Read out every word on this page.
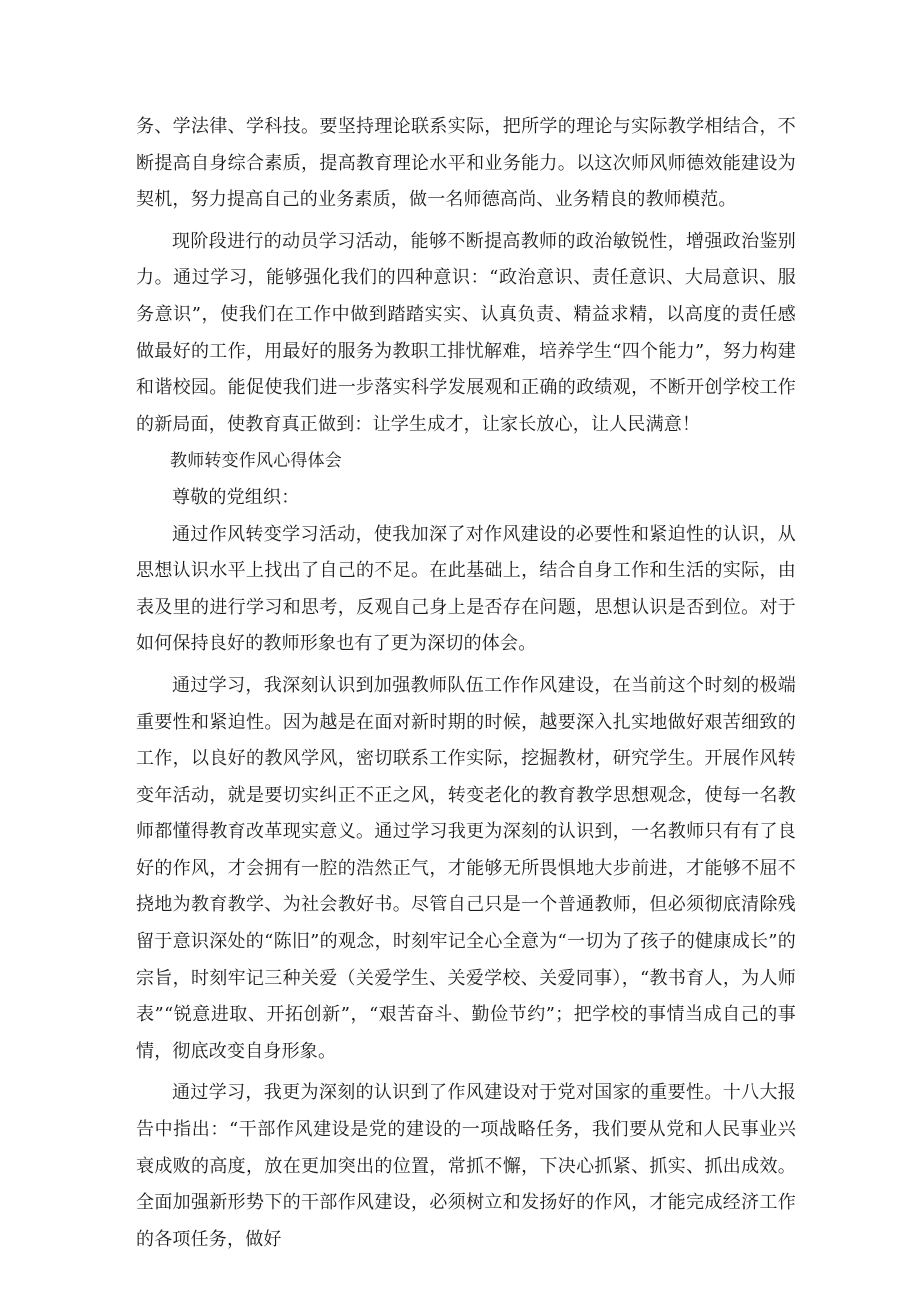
务、学法律、学科技。要坚持理论联系实际，把所学的理论与实际教学相结合，不断提高自身综合素质，提高教育理论水平和业务能力。以这次师风师德效能建设为契机，努力提高自己的业务素质，做一名师德高尚、业务精良的教师模范。

现阶段进行的动员学习活动，能够不断提高教师的政治敏锐性，增强政治鉴别力。通过学习，能够强化我们的四种意识：“政治意识、责任意识、大局意识、服务意识”，使我们在工作中做到踏踏实实、认真负责、精益求精，以高度的责任感做最好的工作，用最好的服务为教职工排忧解难，培养学生“四个能力”，努力构建和谐校园。能促使我们进一步落实科学发展观和正确的政绩观，不断开创学校工作的新局面，使教育真正做到：让学生成才，让家长放心，让人民满意！

教师转变作风心得体会

尊敬的党组织：

通过作风转变学习活动，使我加深了对作风建设的必要性和紧迫性的认识，从思想认识水平上找出了自己的不足。在此基础上，结合自身工作和生活的实际，由表及里的进行学习和思考，反观自己身上是否存在问题，思想认识是否到位。对于如何保持良好的教师形象也有了更为深切的体会。

通过学习，我深刻认识到加强教师队伍工作作风建设，在当前这个时刻的极端重要性和紧迫性。因为越是在面对新时期的时候，越要深入扎实地做好艰苦细致的工作，以良好的教风学风，密切联系工作实际，挖掘教材，研究学生。开展作风转变年活动，就是要切实纠正不正之风，转变老化的教育教学思想观念，使每一名教师都懂得教育改革现实意义。通过学习我更为深刻的认识到，一名教师只有有了良好的作风，才会拥有一腔的浩然正气，才能够无所畏惧地大步前进，才能够不屈不挠地为教育教学、为社会教好书。尽管自己只是一个普通教师，但必须彻底清除残留于意识深处的“陈旧”的观念，时刻牢记全心全意为“一切为了孩子的健康成长”的宗旨，时刻牢记三种关爱（关爱学生、关爱学校、关爱同事），“教书育人，为人师表”“锐意进取、开拓创新”，“艰苦奋斗、勤俭节约”；把学校的事情当成自己的事情，彻底改变自身形象。

通过学习，我更为深刻的认识到了作风建设对于党对国家的重要性。十八大报告中指出：“干部作风建设是党的建设的一项战略任务，我们要从党和人民事业兴衰成败的高度，放在更加突出的位置，常抓不懈，下决心抓紧、抓实、抓出成效。全面加强新形势下的干部作风建设，必须树立和发扬好的作风，才能完成经济工作的各项任务，做好
